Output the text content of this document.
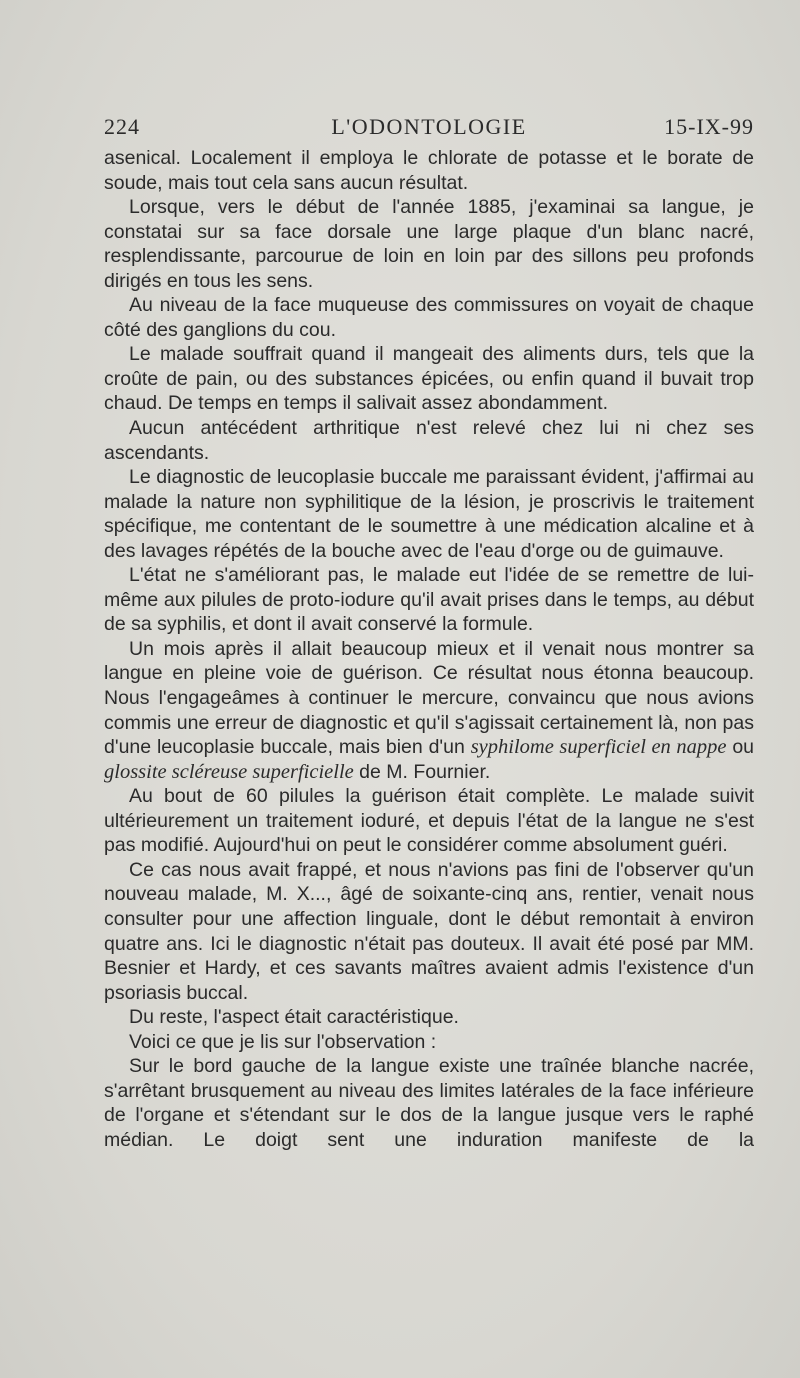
224	L'ODONTOLOGIE	15-IX-99

asenical. Localement il employa le chlorate de potasse et le borate de soude, mais tout cela sans aucun résultat.

Lorsque, vers le début de l'année 1885, j'examinai sa langue, je constatai sur sa face dorsale une large plaque d'un blanc nacré, resplendissante, parcourue de loin en loin par des sillons peu profonds dirigés en tous les sens.

Au niveau de la face muqueuse des commissures on voyait de chaque côté des ganglions du cou.

Le malade souffrait quand il mangeait des aliments durs, tels que la croûte de pain, ou des substances épicées, ou enfin quand il buvait trop chaud. De temps en temps il salivait assez abondamment.

Aucun antécédent arthritique n'est relevé chez lui ni chez ses ascendants.

Le diagnostic de leucoplasie buccale me paraissant évident, j'affirmai au malade la nature non syphilitique de la lésion, je proscrivis le traitement spécifique, me contentant de le soumettre à une médication alcaline et à des lavages répétés de la bouche avec de l'eau d'orge ou de guimauve.

L'état ne s'améliorant pas, le malade eut l'idée de se remettre de lui-même aux pilules de proto-iodure qu'il avait prises dans le temps, au début de sa syphilis, et dont il avait conservé la formule.

Un mois après il allait beaucoup mieux et il venait nous montrer sa langue en pleine voie de guérison. Ce résultat nous étonna beaucoup. Nous l'engageâmes à continuer le mercure, convaincu que nous avions commis une erreur de diagnostic et qu'il s'agissait certainement là, non pas d'une leucoplasie buccale, mais bien d'un syphilome superficiel en nappe ou glossite scléreuse superficielle de M. Fournier.

Au bout de 60 pilules la guérison était complète. Le malade suivit ultérieurement un traitement ioduré, et depuis l'état de la langue ne s'est pas modifié. Aujourd'hui on peut le considérer comme absolument guéri.

Ce cas nous avait frappé, et nous n'avions pas fini de l'observer qu'un nouveau malade, M. X..., âgé de soixante-cinq ans, rentier, venait nous consulter pour une affection linguale, dont le début remontait à environ quatre ans. Ici le diagnostic n'était pas douteux. Il avait été posé par MM. Besnier et Hardy, et ces savants maîtres avaient admis l'existence d'un psoriasis buccal.

Du reste, l'aspect était caractéristique.

Voici ce que je lis sur l'observation :

Sur le bord gauche de la langue existe une traînée blanche nacrée, s'arrêtant brusquement au niveau des limites latérales de la face inférieure de l'organe et s'étendant sur le dos de la langue jusque vers le raphé médian. Le doigt sent une induration manifeste de la
